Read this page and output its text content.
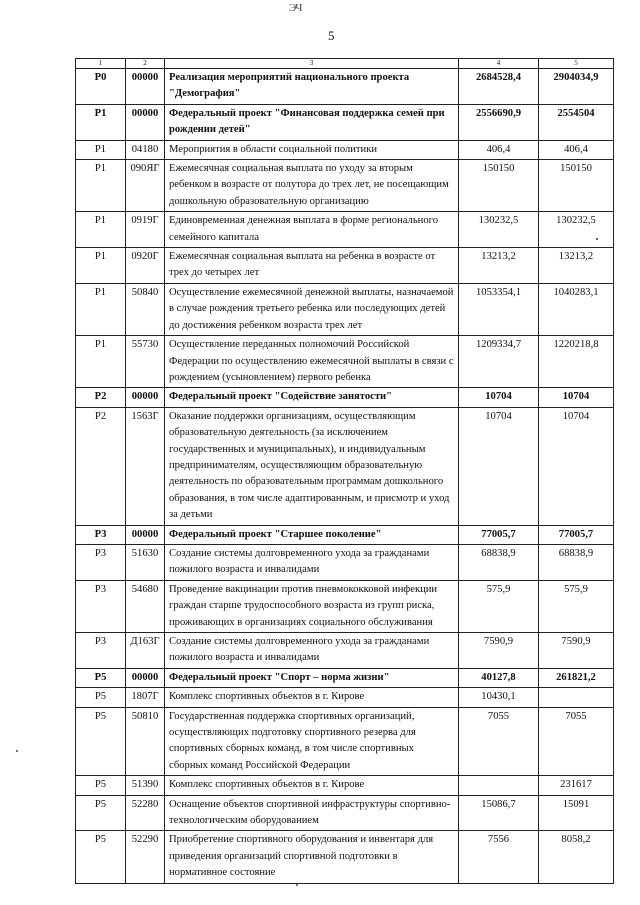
ЭЧ
5
1	2	3	4	5
P0	00000	Реализация мероприятий национального проекта "Демография"	2684528,4	2904034,9
P1	00000	Федеральный проект "Финансовая поддержка семей при рождении детей"	2556690,9	2554504
P1	04180	Мероприятия в области социальной политики	406,4	406,4
P1	090ЯГ	Ежемесячная социальная выплата по уходу за вторым ребенком в возрасте от полутора до трех лет, не посещающим дошкольную образовательную организацию	150150	150150
P1	0919Г	Единовременная денежная выплата в форме регионального семейного капитала	130232,5	130232,5
P1	0920Г	Ежемесячная социальная выплата на ребенка в возрасте от трех до четырех лет	13213,2	13213,2
P1	50840	Осуществление ежемесячной денежной выплаты, назначаемой в случае рождения третьего ребенка или последующих детей до достижения ребенком возраста трех лет	1053354,1	1040283,1
P1	55730	Осуществление переданных полномочий Российской Федерации по осуществлению ежемесячной выплаты в связи с рождением (усыновлением) первого ребенка	1209334,7	1220218,8
P2	00000	Федеральный проект "Содействие занятости"	10704	10704
P2	1563Г	Оказание поддержки организациям, осуществляющим образовательную деятельность (за исключением государственных и муниципальных), и индивидуальным предпринимателям, осуществляющим образовательную деятельность по образовательным программам дошкольного образования, в том числе адаптированным, и присмотр и уход за детьми	10704	10704
P3	00000	Федеральный проект "Старшее поколение"	77005,7	77005,7
P3	51630	Создание системы долговременного ухода за гражданами пожилого возраста и инвалидами	68838,9	68838,9
P3	54680	Проведение вакцинации против пневмококковой инфекции граждан старше трудоспособного возраста из групп риска, проживающих в организациях социального обслуживания	575,9	575,9
P3	Д163Г	Создание системы долговременного ухода за гражданами пожилого возраста и инвалидами	7590,9	7590,9
P5	00000	Федеральный проект "Спорт – норма жизни"	40127,8	261821,2
P5	1807Г	Комплекс спортивных объектов в г. Кирове	10430,1	
P5	50810	Государственная поддержка спортивных организаций, осуществляющих подготовку спортивного резерва для спортивных сборных команд, в том числе спортивных сборных команд Российской Федерации	7055	7055
P5	51390	Комплекс спортивных объектов в г. Кирове		231617
P5	52280	Оснащение объектов спортивной инфраструктуры спортивно-технологическим оборудованием	15086,7	15091
P5	52290	Приобретение спортивного оборудования и инвентаря для приведения организаций спортивной подготовки в нормативное состояние	7556	8058,2
